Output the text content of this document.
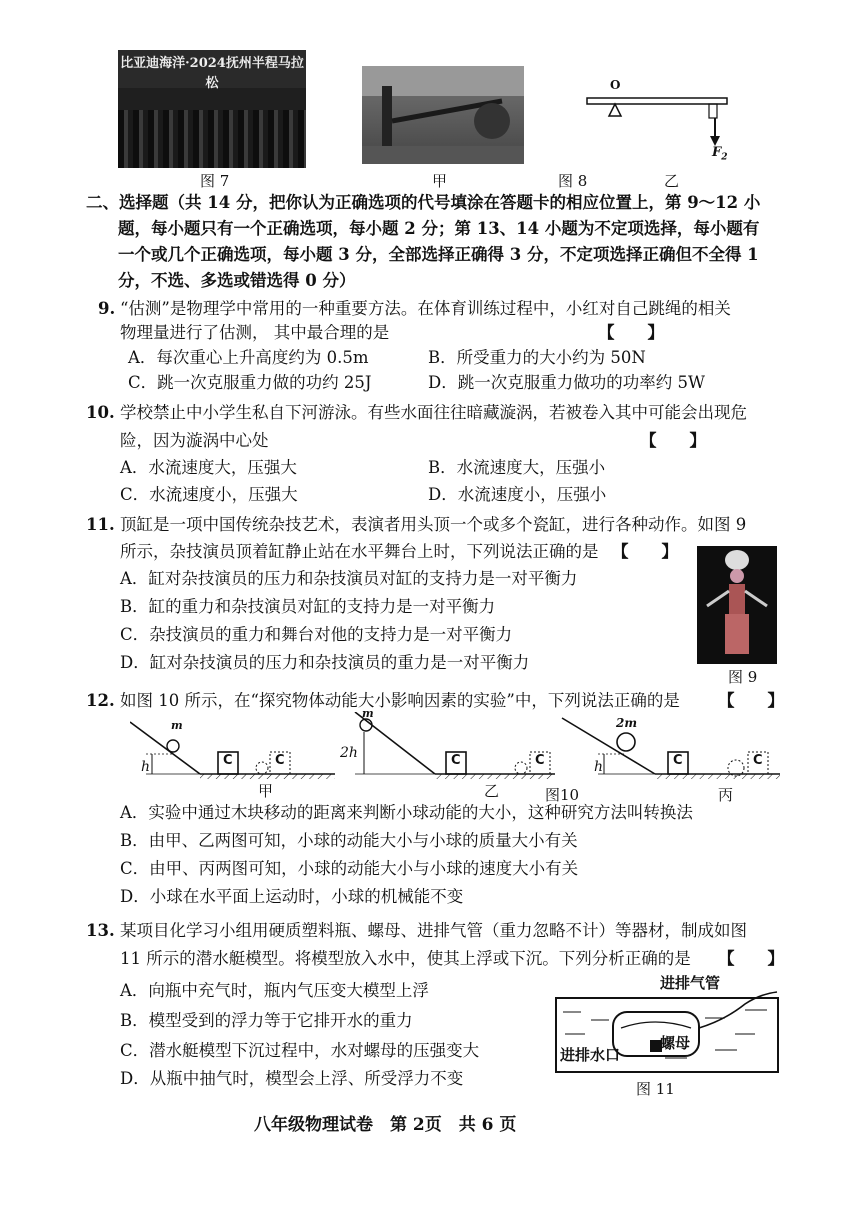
比亚迪海洋·2024抚州半程马拉松
图 7	甲
O
$F_2$
图 8	乙
二、选择题（共 14 分，把你认为正确选项的代号填涂在答题卡的相应位置上，第 9～12 小
题，每小题只有一个正确选项，每小题 2 分；第 13、14 小题为不定项选择，每小题有
一个或几个正确选项，每小题 3 分，全部选择正确得 3 分，不定项选择正确但不全得 1
分，不选、多选或错选得 0 分）
9. “估测”是物理学中常用的一种重要方法。在体育训练过程中，小红对自己跳绳的相关
物理量进行了估测， 其中最合理的是	【　　】
A．每次重心上升高度约为 0.5m	B．所受重力的大小约为 50N
C．跳一次克服重力做的功约 25J	D．跳一次克服重力做功的功率约 5W
10. 学校禁止中小学生私自下河游泳。有些水面往往暗藏漩涡，若被卷入其中可能会出现危
险，因为漩涡中心处	【　　】
A．水流速度大，压强大	B．水流速度大，压强小
C．水流速度小，压强大	D．水流速度小，压强小
11. 顶缸是一项中国传统杂技艺术，表演者用头顶一个或多个瓷缸，进行各种动作。如图 9
所示，杂技演员顶着缸静止站在水平舞台上时，下列说法正确的是 【　　】
A．缸对杂技演员的压力和杂技演员对缸的支持力是一对平衡力
B．缸的重力和杂技演员对缸的支持力是一对平衡力
C．杂技演员的重力和舞台对他的支持力是一对平衡力
D．缸对杂技演员的压力和杂技演员的重力是一对平衡力
图 9
12. 如图 10 所示，在“探究物体动能大小影响因素的实验”中，下列说法正确的是 【　　】
m
h	C	C
m
2h	C	C
2m
h	C	C
甲	乙	图10	丙
A．实验中通过木块移动的距离来判断小球动能的大小，这种研究方法叫转换法
B．由甲、乙两图可知，小球的动能大小与小球的质量大小有关
C．由甲、丙两图可知，小球的动能大小与小球的速度大小有关
D．小球在水平面上运动时，小球的机械能不变
13. 某项目化学习小组用硬质塑料瓶、螺母、进排气管（重力忽略不计）等器材，制成如图
11 所示的潜水艇模型。将模型放入水中，使其上浮或下沉。下列分析正确的是 【　　】
A．向瓶中充气时，瓶内气压变大模型上浮
B．模型受到的浮力等于它排开水的重力
C．潜水艇模型下沉过程中，水对螺母的压强变大
D．从瓶中抽气时，模型会上浮、所受浮力不变
进排气管
进排水口
螺母
图 11
八年级物理试卷　第 2页　共 6 页
